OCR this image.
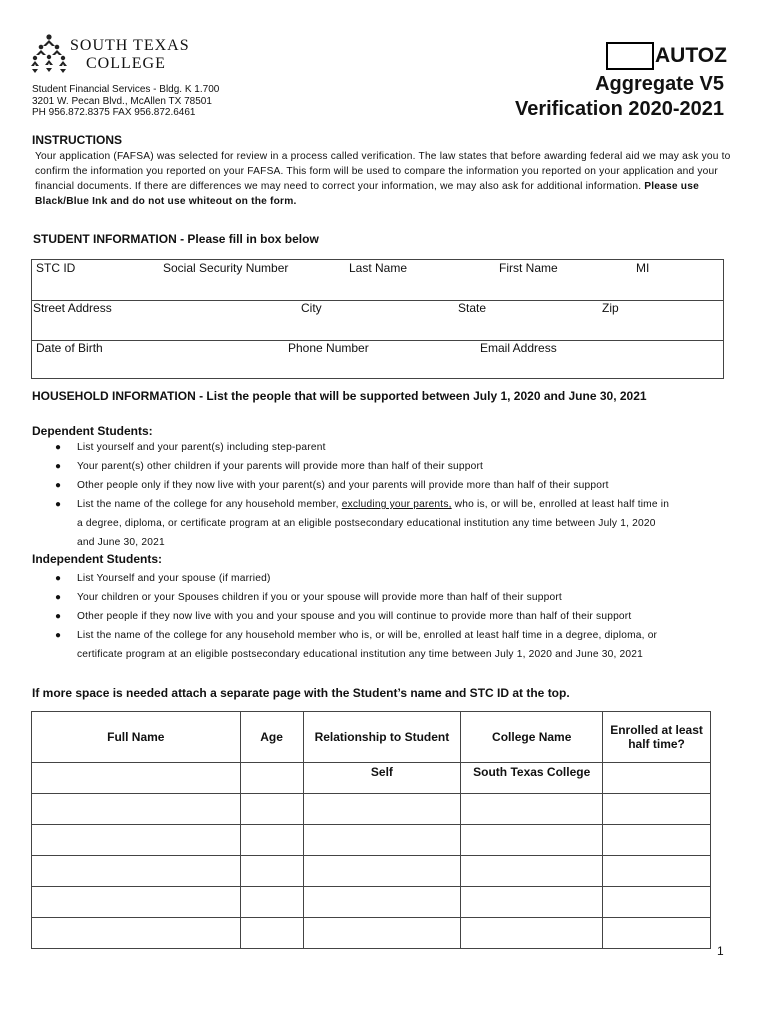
SOUTH TEXAS
COLLEGE
Student Financial Services - Bldg. K 1.700
3201 W. Pecan Blvd., McAllen TX 78501
PH 956.872.8375 FAX 956.872.6461
AUTOZ
Aggregate V5
Verification 2020-2021
INSTRUCTIONS
Your application (FAFSA) was selected for review in a process called verification. The law states that before awarding federal aid we may ask you to confirm the information you reported on your FAFSA. This form will be used to compare the information you reported on your application and your financial documents. If there are differences we may need to correct your information, we may also ask for additional information. Please use Black/Blue Ink and do not use whiteout on the form.
STUDENT INFORMATION - Please fill in box below
STC ID	Social Security Number	Last Name	First Name	MI
Street Address	City	State	Zip
Date of Birth	Phone Number	Email Address
HOUSEHOLD INFORMATION - List the people that will be supported between July 1, 2020 and June 30, 2021
Dependent Students:
● List yourself and your parent(s) including step-parent
● Your parent(s) other children if your parents will provide more than half of their support
● Other people only if they now live with your parent(s) and your parents will provide more than half of their support
● List the name of the college for any household member, excluding your parents, who is, or will be, enrolled at least half time in
a degree, diploma, or certificate program at an eligible postsecondary educational institution any time between July 1, 2020
and June 30, 2021
Independent Students:
● List Yourself and your spouse (if married)
● Your children or your Spouses children if you or your spouse will provide more than half of their support
● Other people if they now live with you and your spouse and you will continue to provide more than half of their support
● List the name of the college for any household member who is, or will be, enrolled at least half time in a degree, diploma, or
certificate program at an eligible postsecondary educational institution any time between July 1, 2020 and June 30, 2021
If more space is needed attach a separate page with the Student’s name and STC ID at the top.
Full Name	Age	Relationship to Student	College Name	Enrolled at least half time?
		Self	South Texas College	

1
